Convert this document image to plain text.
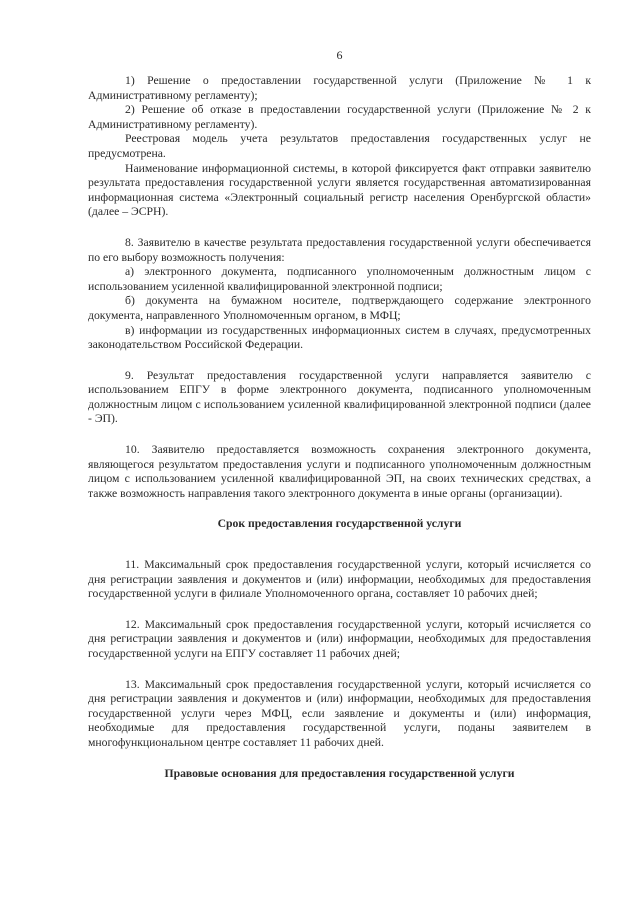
6

1) Решение о предоставлении государственной услуги (Приложение № 1 к Административному регламенту);

2) Решение об отказе в предоставлении государственной услуги (Приложение № 2 к Административному регламенту).

Реестровая модель учета результатов предоставления государственных услуг не предусмотрена.

Наименование информационной системы, в которой фиксируется факт отправки заявителю результата предоставления государственной услуги является государственная автоматизированная информационная система «Электронный социальный регистр населения Оренбургской области» (далее – ЭСРН).

8. Заявителю в качестве результата предоставления государственной услуги обеспечивается по его выбору возможность получения:

а) электронного документа, подписанного уполномоченным должностным лицом с использованием усиленной квалифицированной электронной подписи;

б) документа на бумажном носителе, подтверждающего содержание электронного документа, направленного Уполномоченным органом, в МФЦ;

в) информации из государственных информационных систем в случаях, предусмотренных законодательством Российской Федерации.

9. Результат предоставления государственной услуги направляется заявителю с использованием ЕПГУ в форме электронного документа, подписанного уполномоченным должностным лицом с использованием усиленной квалифицированной электронной подписи (далее - ЭП).

10. Заявителю предоставляется возможность сохранения электронного документа, являющегося результатом предоставления услуги и подписанного уполномоченным должностным лицом с использованием усиленной квалифицированной ЭП, на своих технических средствах, а также возможность направления такого электронного документа в иные органы (организации).

Срок предоставления государственной услуги

11. Максимальный срок предоставления государственной услуги, который исчисляется со дня регистрации заявления и документов и (или) информации, необходимых для предоставления государственной услуги в филиале Уполномоченного органа, составляет 10 рабочих дней;

12. Максимальный срок предоставления государственной услуги, который исчисляется со дня регистрации заявления и документов и (или) информации, необходимых для предоставления государственной услуги на ЕПГУ составляет 11 рабочих дней;

13. Максимальный срок предоставления государственной услуги, который исчисляется со дня регистрации заявления и документов и (или) информации, необходимых для предоставления государственной услуги через МФЦ, если заявление и документы и (или) информация, необходимые для предоставления государственной услуги, поданы заявителем в многофункциональном центре составляет 11 рабочих дней.

Правовые основания для предоставления государственной услуги
